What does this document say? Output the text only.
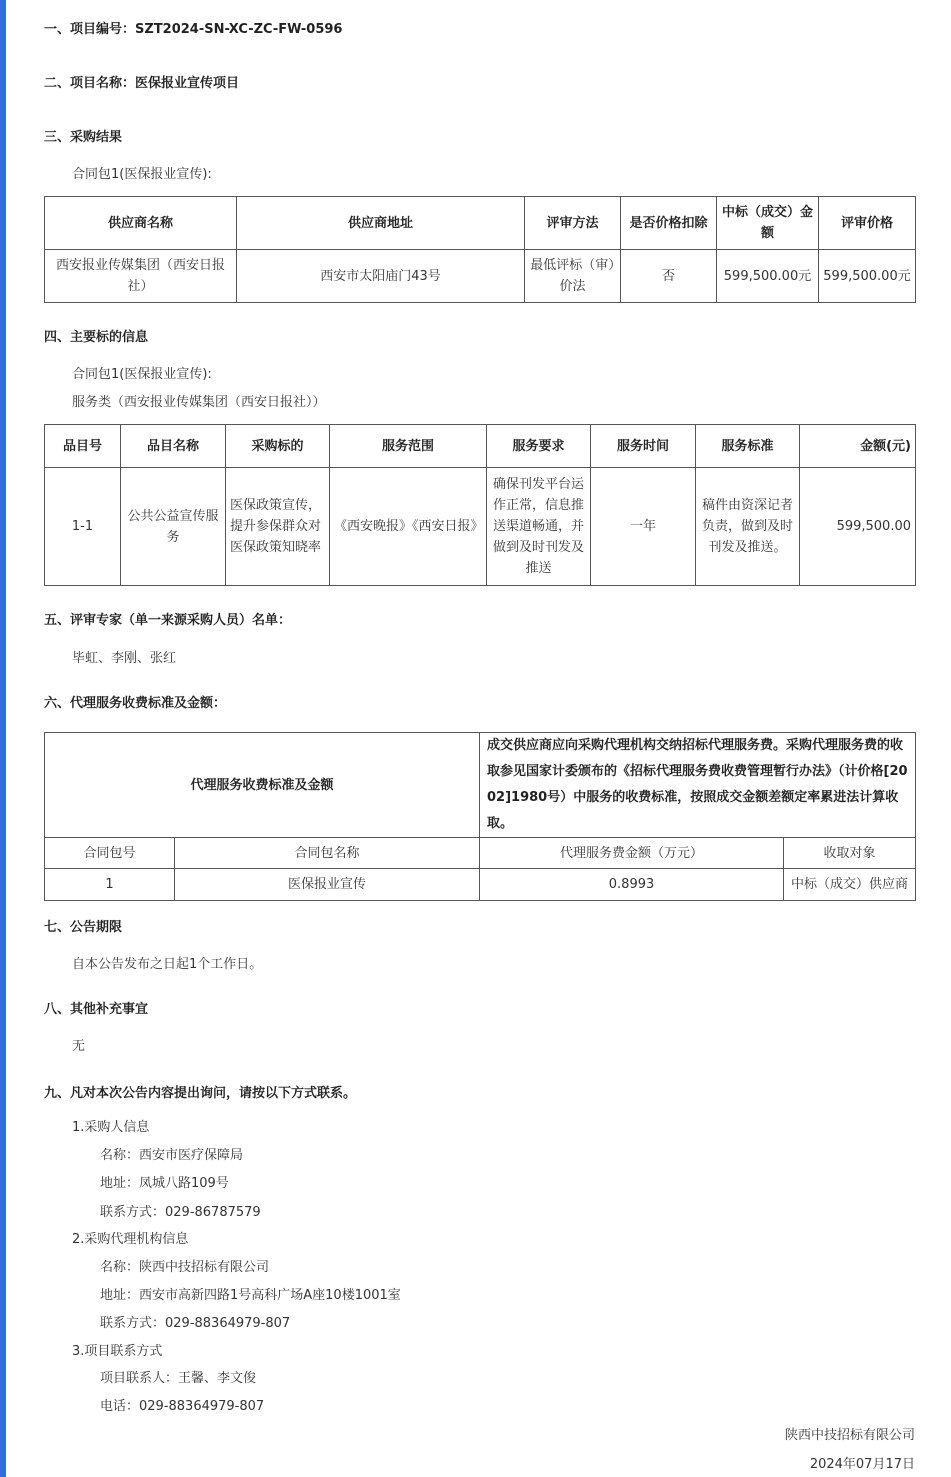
一、项目编号：SZT2024-SN-XC-ZC-FW-0596
二、项目名称：医保报业宣传项目
三、采购结果
合同包1(医保报业宣传):
供应商名称	供应商地址	评审方法	是否价格扣除	中标（成交）金额	评审价格
西安报业传媒集团（西安日报社）	西安市太阳庙门43号	最低评标（审）价法	否	599,500.00元	599,500.00元
四、主要标的信息
合同包1(医保报业宣传):
服务类（西安报业传媒集团（西安日报社））
品目号	品目名称	采购标的	服务范围	服务要求	服务时间	服务标准	金额(元)
1-1	公共公益宣传服务	医保政策宣传，提升参保群众对医保政策知晓率	《西安晚报》《西安日报》	确保刊发平台运作正常，信息推送渠道畅通，并做到及时刊发及推送	一年	稿件由资深记者负责，做到及时刊发及推送。	599,500.00
五、评审专家（单一来源采购人员）名单：
毕虹、李刚、张红
六、代理服务收费标准及金额：
代理服务收费标准及金额		成交供应商应向采购代理机构交纳招标代理服务费。采购代理服务费的收取参见国家计委颁布的《招标代理服务费收费管理暂行办法》（计价格[2002]1980号）中服务的收费标准，按照成交金额差额定率累进法计算收取。	
合同包号	合同包名称	代理服务费金额（万元）	收取对象
1	医保报业宣传	0.8993	中标（成交）供应商
七、公告期限
自本公告发布之日起1个工作日。
八、其他补充事宜
无
九、凡对本次公告内容提出询问，请按以下方式联系。
1.采购人信息
名称：西安市医疗保障局
地址：凤城八路109号
联系方式：029-86787579
2.采购代理机构信息
名称：陕西中技招标有限公司
地址：西安市高新四路1号高科广场A座10楼1001室
联系方式：029-88364979-807
3.项目联系方式
项目联系人：王馨、李文俊
电话：029-88364979-807
陕西中技招标有限公司
2024年07月17日
